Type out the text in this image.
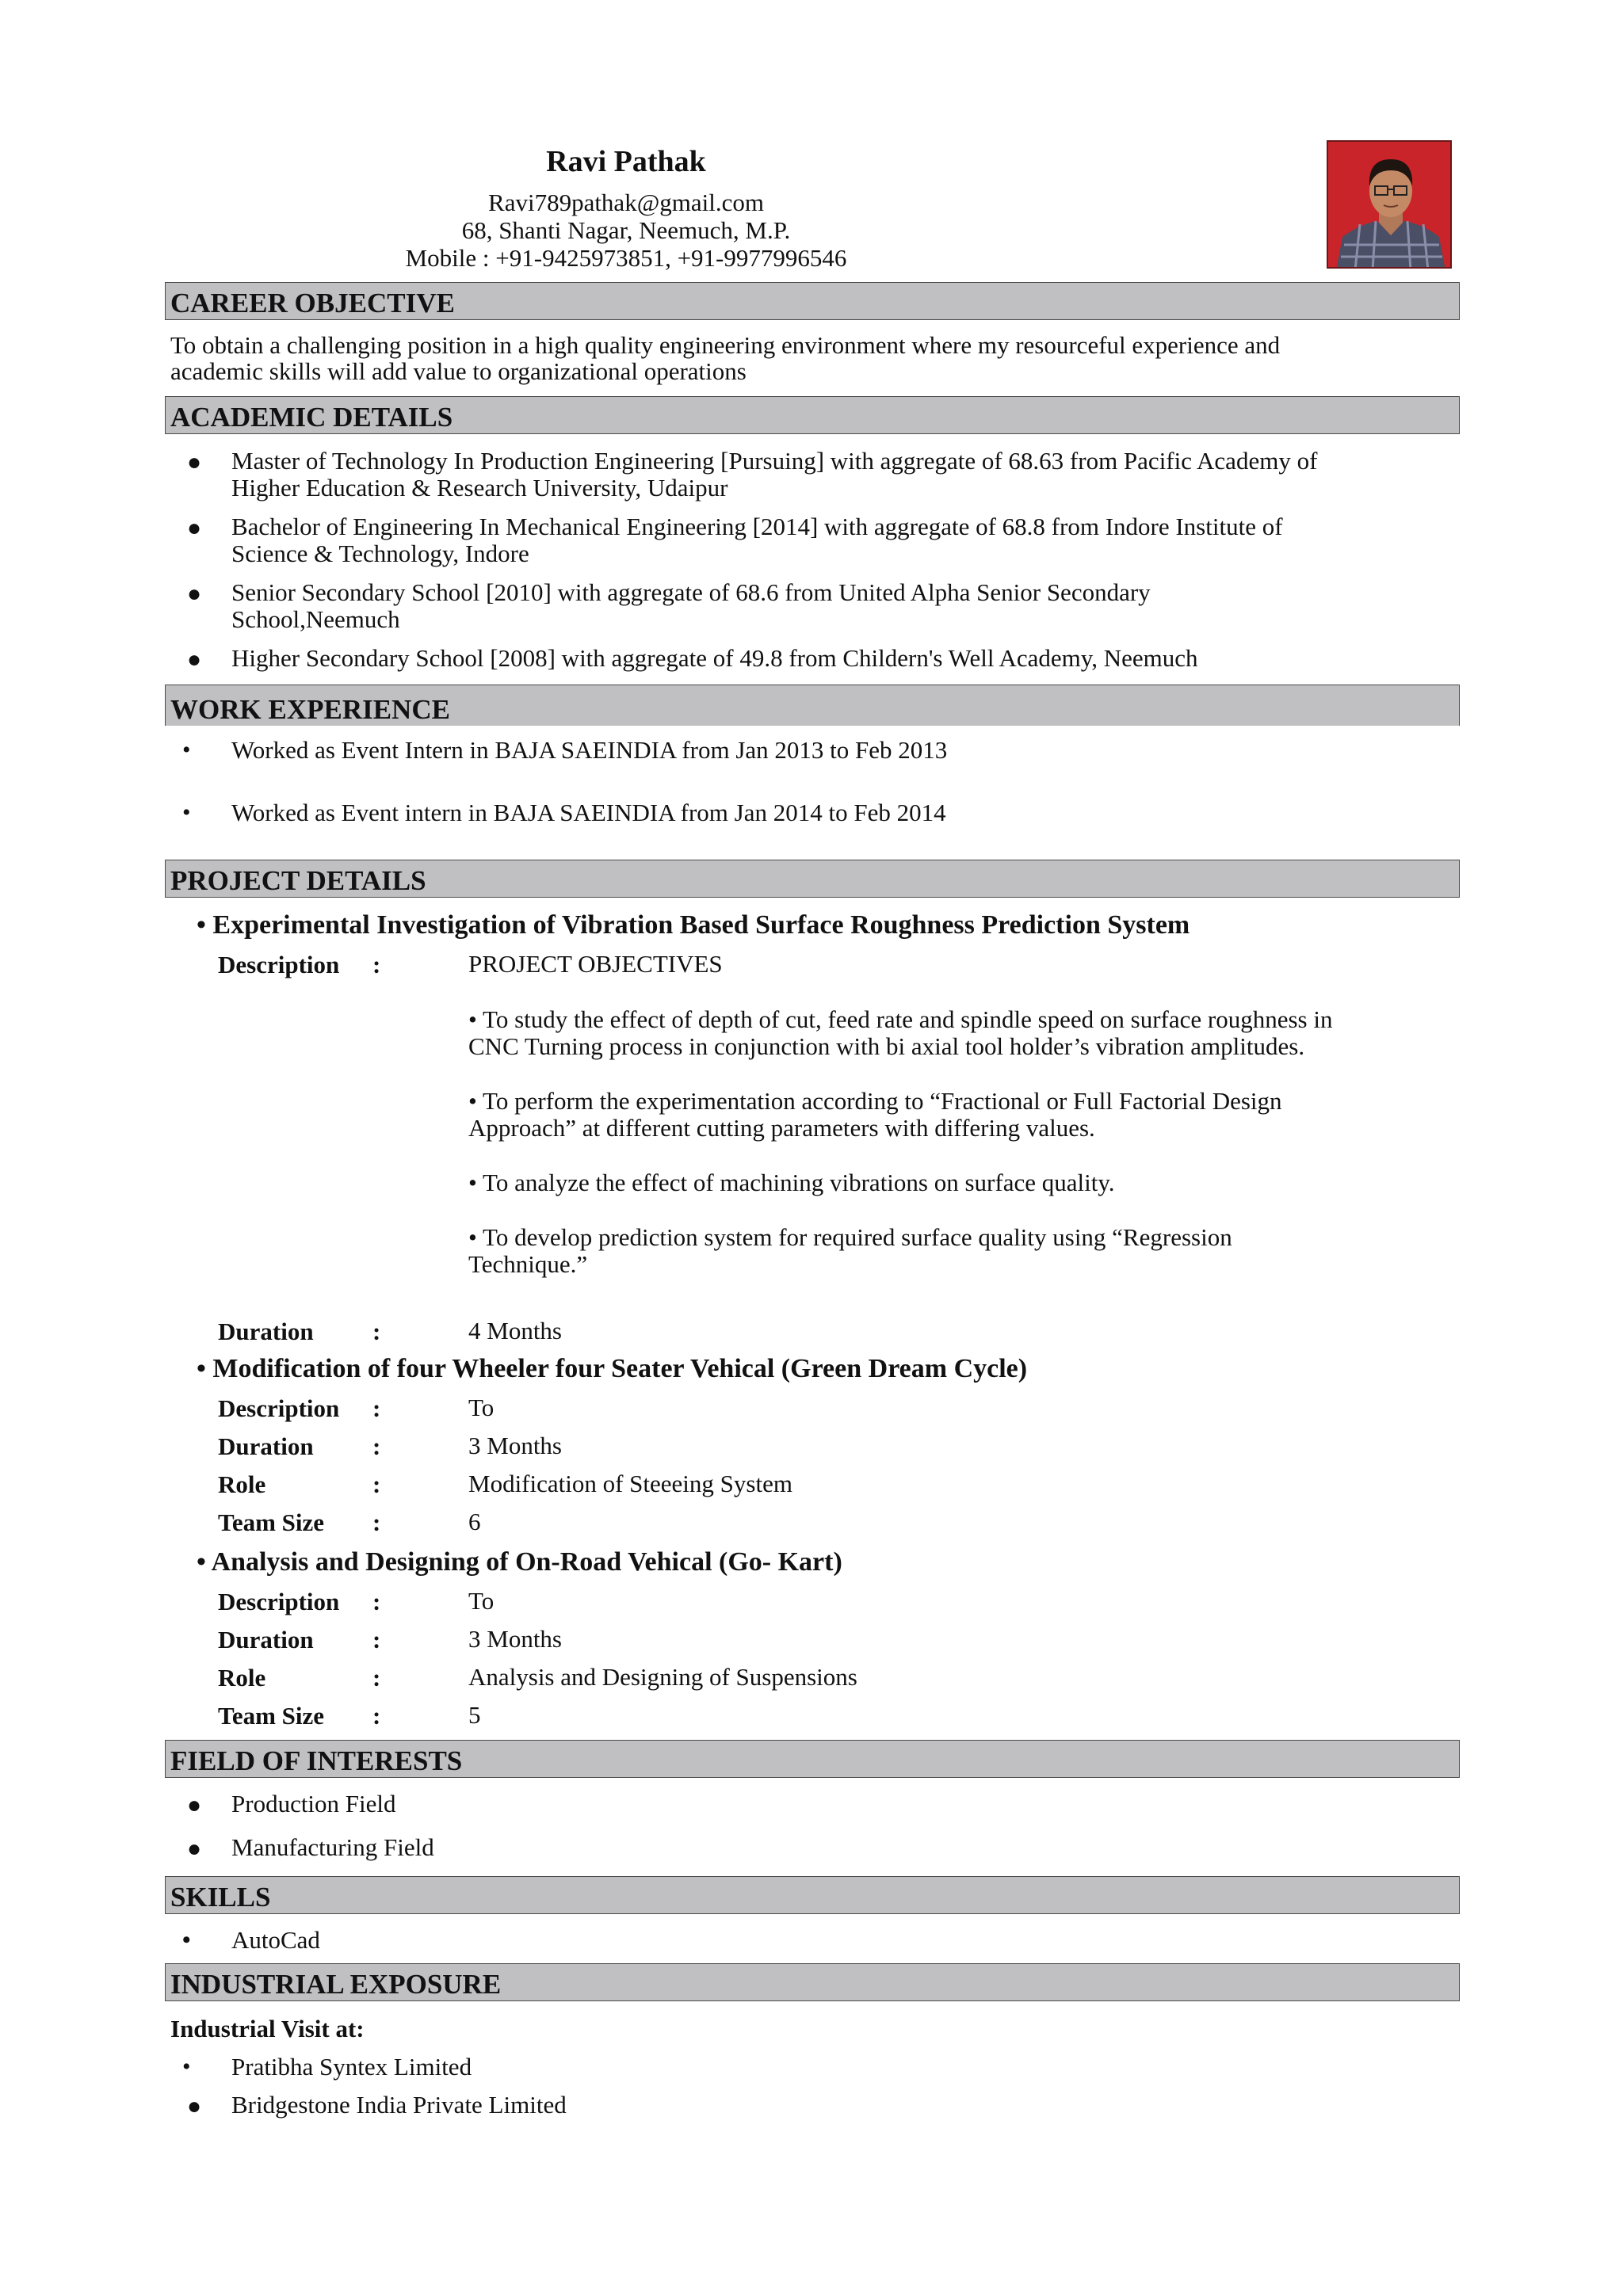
Ravi Pathak
Ravi789pathak@gmail.com
68, Shanti Nagar, Neemuch, M.P.
Mobile : +91-9425973851, +91-9977996546
CAREER OBJECTIVE
To obtain a challenging position in a high quality engineering environment where my resourceful experience and
academic skills will add value to organizational operations
ACADEMIC DETAILS
● Master of Technology In Production Engineering [Pursuing] with aggregate of 68.63 from Pacific Academy of
Higher Education & Research University, Udaipur
● Bachelor of Engineering In Mechanical Engineering [2014] with aggregate of 68.8 from Indore Institute of
Science & Technology, Indore
● Senior Secondary School [2010] with aggregate of 68.6 from United Alpha Senior Secondary
School,Neemuch
● Higher Secondary School [2008] with aggregate of 49.8 from Childern's Well Academy, Neemuch
WORK EXPERIENCE
• Worked as Event Intern in BAJA SAEINDIA from Jan 2013 to Feb 2013
• Worked as Event intern in BAJA SAEINDIA from Jan 2014 to Feb 2014
PROJECT DETAILS
• Experimental Investigation of Vibration Based Surface Roughness Prediction System
Description :	PROJECT OBJECTIVES
• To study the effect of depth of cut, feed rate and spindle speed on surface roughness in
CNC Turning process in conjunction with bi axial tool holder’s vibration amplitudes.
• To perform the experimentation according to “Fractional or Full Factorial Design
Approach” at different cutting parameters with differing values.
• To analyze the effect of machining vibrations on surface quality.
• To develop prediction system for required surface quality using “Regression
Technique.”
Duration :	4 Months
• Modification of four Wheeler four Seater Vehical (Green Dream Cycle)
Description :	To
Duration :	3 Months
Role	:	Modification of Steeeing System
Team Size :	6
• Analysis and Designing of On-Road Vehical (Go- Kart)
Description :	To
Duration :	3 Months
Role	:	Analysis and Designing of Suspensions
Team Size :	5
FIELD OF INTERESTS
● Production Field
● Manufacturing Field
SKILLS
• AutoCad
INDUSTRIAL EXPOSURE
Industrial Visit at:
• Pratibha Syntex Limited
● Bridgestone India Private Limited
